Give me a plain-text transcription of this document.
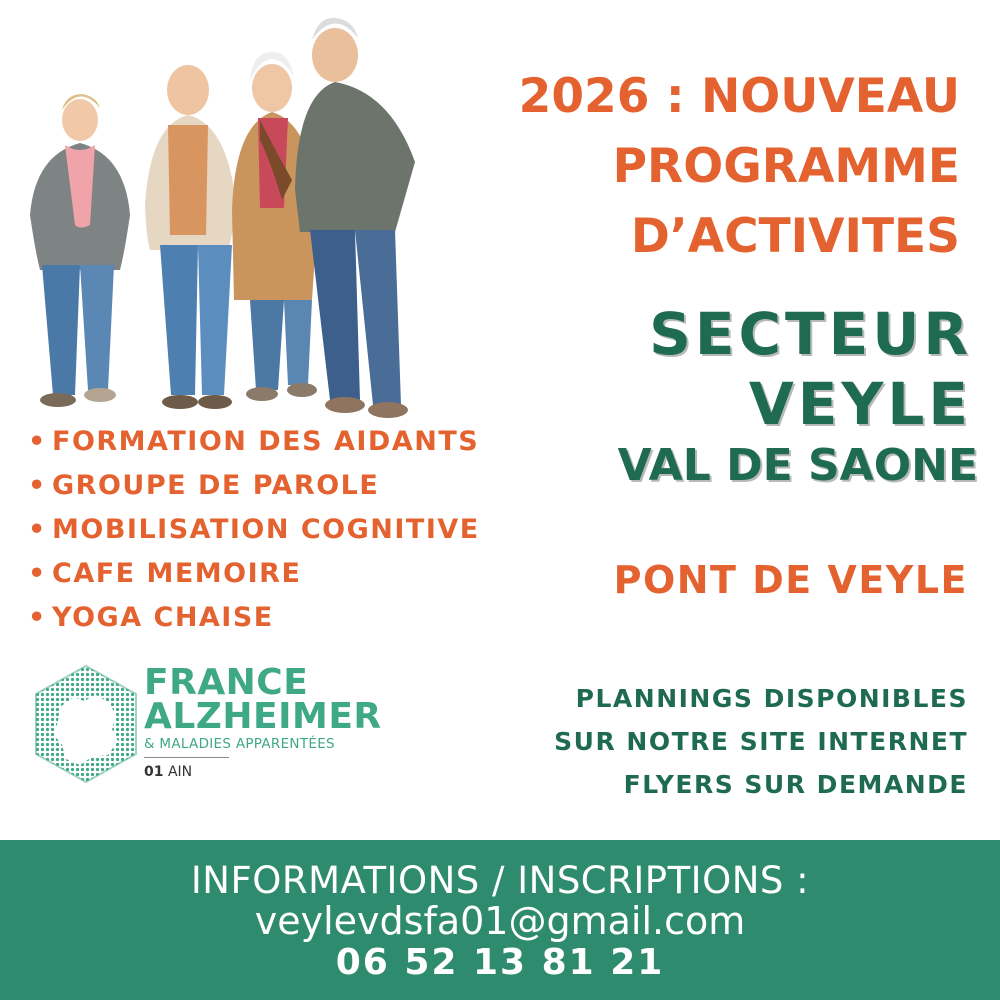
2026 : NOUVEAU
PROGRAMME
D’ACTIVITES
SECTEUR
VEYLE
VAL DE SAONE
PONT DE VEYLE
• FORMATION DES AIDANTS
• GROUPE DE PAROLE
• MOBILISATION COGNITIVE
• CAFE MEMOIRE
• YOGA CHAISE
FRANCE
ALZHEIMER
& MALADIES APPARENTÉES
01 AIN
PLANNINGS DISPONIBLES
SUR NOTRE SITE INTERNET
FLYERS SUR DEMANDE
INFORMATIONS / INSCRIPTIONS :
veylevdsfa01@gmail.com
06 52 13 81 21
